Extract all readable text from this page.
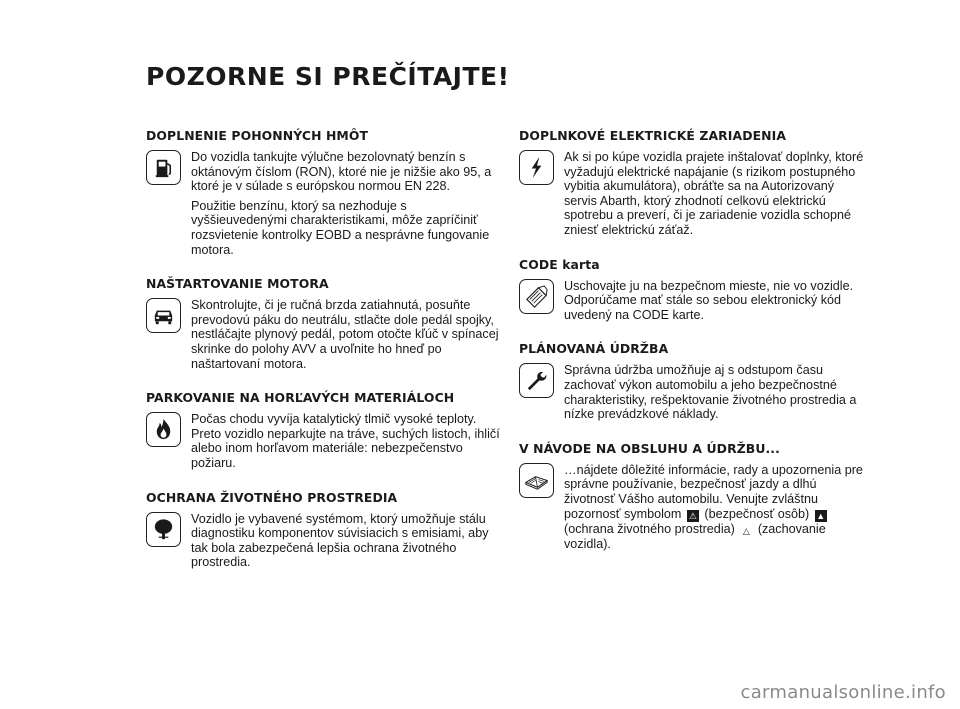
POZORNE SI PREČÍTAJTE!
DOPLNENIE POHONNÝCH HMÔT

Do vozidla tankujte výlučne bezolovnatý benzín s oktánovým číslom (RON), ktoré nie je nižšie ako 95, a ktoré je v súlade s európskou normou EN 228.

Použitie benzínu, ktorý sa nezhoduje s vyššieuvedenými charakteristikami, môže zapríčiniť rozsvietenie kontrolky EOBD a nesprávne fungovanie motora.

NAŠTARTOVANIE MOTORA

Skontrolujte, či je ručná brzda zatiahnutá, posuňte prevodovú páku do neutrálu, stlačte dole pedál spojky, nestláčajte plynový pedál, potom otočte kľúč v spínacej skrinke do polohy AVV a uvoľnite ho hneď po naštartovaní motora.

PARKOVANIE NA HORĽAVÝCH MATERIÁLOCH

Počas chodu vyvíja katalytický tlmič vysoké teploty. Preto vozidlo neparkujte na tráve, suchých listoch, ihličí alebo inom horľavom materiále: nebezpečenstvo požiaru.

OCHRANA ŽIVOTNÉHO PROSTREDIA

Vozidlo je vybavené systémom, ktorý umožňuje stálu diagnostiku komponentov súvisiacich s emisiami, aby tak bola zabezpečená lepšia ochrana životného prostredia.

DOPLNKOVÉ ELEKTRICKÉ ZARIADENIA

Ak si po kúpe vozidla prajete inštalovať doplnky, ktoré vyžadujú elektrické napájanie (s rizikom postupného vybitia akumulátora), obráťte sa na Autorizovaný servis Abarth, ktorý zhodnotí celkovú elektrickú spotrebu a preverí, či je zariadenie vozidla schopné zniesť elektrickú záťaž.

CODE karta

Uschovajte ju na bezpečnom mieste, nie vo vozidle. Odporúčame mať stále so sebou elektronický kód uvedený na CODE karte.

PLÁNOVANÁ ÚDRŽBA

Správna údržba umožňuje aj s odstupom času zachovať výkon automobilu a jeho bezpečnostné charakteristiky, rešpektovanie životného prostredia a nízke prevádzkové náklady.

V NÁVODE NA OBSLUHU A ÚDRŽBU...

…nájdete dôležité informácie, rady a upozornenia pre správne používanie, bezpečnosť jazdy a dlhú životnosť Vášho automobilu. Venujte zvláštnu pozornosť symbolom ⚠ (bezpečnosť osôb) ▲ (ochrana životného prostredia) △ (zachovanie vozidla).

carmanualsonline.info
